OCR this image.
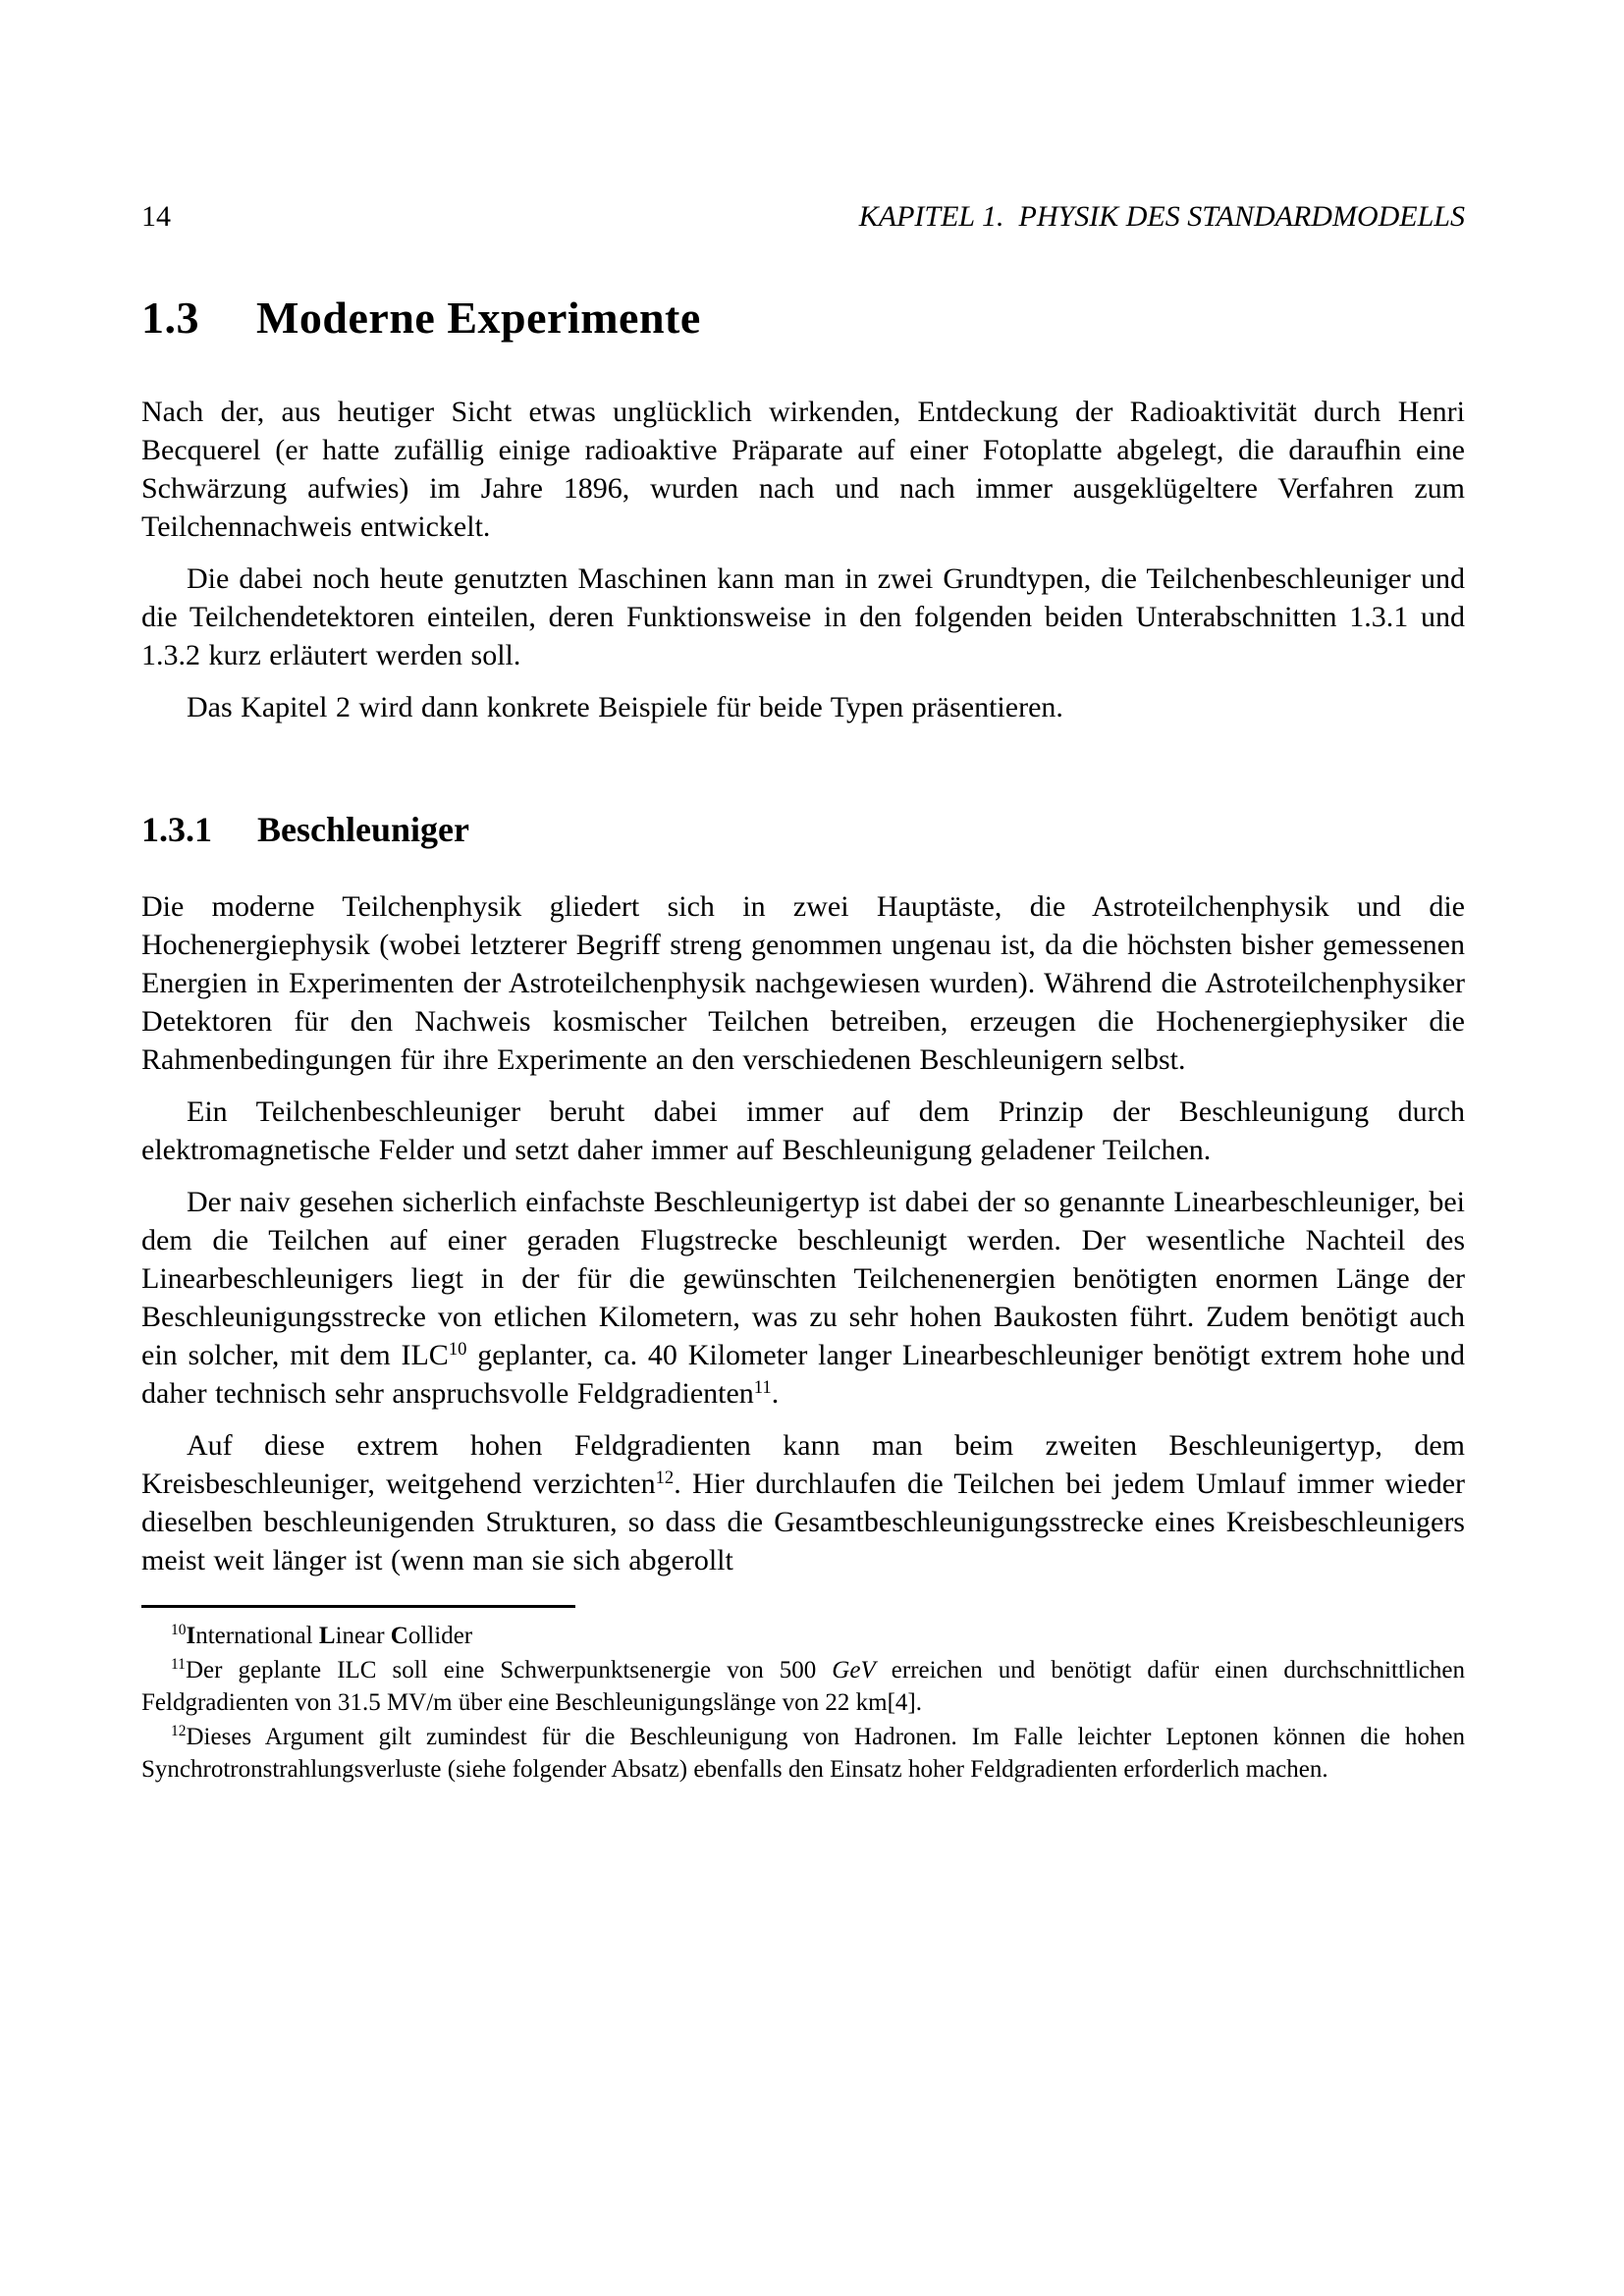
14	KAPITEL 1.  PHYSIK DES STANDARDMODELLS
1.3 Moderne Experimente

Nach der, aus heutiger Sicht etwas unglücklich wirkenden, Entdeckung der Radioaktivität durch Henri Becquerel (er hatte zufällig einige radioaktive Präparate auf einer Fotoplatte abgelegt, die daraufhin eine Schwärzung aufwies) im Jahre 1896, wurden nach und nach immer ausgeklügeltere Verfahren zum Teilchennachweis entwickelt.

Die dabei noch heute genutzten Maschinen kann man in zwei Grundtypen, die Teilchenbeschleuniger und die Teilchendetektoren einteilen, deren Funktionsweise in den folgenden beiden Unterabschnitten 1.3.1 und 1.3.2 kurz erläutert werden soll.

Das Kapitel 2 wird dann konkrete Beispiele für beide Typen präsentieren.

1.3.1 Beschleuniger

Die moderne Teilchenphysik gliedert sich in zwei Hauptäste, die Astroteilchenphysik und die Hochenergiephysik (wobei letzterer Begriff streng genommen ungenau ist, da die höchsten bisher gemessenen Energien in Experimenten der Astroteilchenphysik nachgewiesen wurden). Während die Astroteilchenphysiker Detektoren für den Nachweis kosmischer Teilchen betreiben, erzeugen die Hochenergiephysiker die Rahmenbedingungen für ihre Experimente an den verschiedenen Beschleunigern selbst.

Ein Teilchenbeschleuniger beruht dabei immer auf dem Prinzip der Beschleunigung durch elektromagnetische Felder und setzt daher immer auf Beschleunigung geladener Teilchen.

Der naiv gesehen sicherlich einfachste Beschleunigertyp ist dabei der so genannte Linearbeschleuniger, bei dem die Teilchen auf einer geraden Flugstrecke beschleunigt werden. Der wesentliche Nachteil des Linearbeschleunigers liegt in der für die gewünschten Teilchenenergien benötigten enormen Länge der Beschleunigungsstrecke von etlichen Kilometern, was zu sehr hohen Baukosten führt. Zudem benötigt auch ein solcher, mit dem ILC$^{10}$ geplanter, ca. 40 Kilometer langer Linearbeschleuniger benötigt extrem hohe und daher technisch sehr anspruchsvolle Feldgradienten$^{11}$.

Auf diese extrem hohen Feldgradienten kann man beim zweiten Beschleunigertyp, dem Kreisbeschleuniger, weitgehend verzichten$^{12}$. Hier durchlaufen die Teilchen bei jedem Umlauf immer wieder dieselben beschleunigenden Strukturen, so dass die Gesamtbeschleunigungsstrecke eines Kreisbeschleunigers meist weit länger ist (wenn man sie sich abgerollt

$^{10}$International Linear Collider

$^{11}$Der geplante ILC soll eine Schwerpunktsenergie von 500 GeV erreichen und benötigt dafür einen durchschnittlichen Feldgradienten von 31.5 MV/m über eine Beschleunigungslänge von 22 km[4].

$^{12}$Dieses Argument gilt zumindest für die Beschleunigung von Hadronen. Im Falle leichter Leptonen können die hohen Synchrotronstrahlungsverluste (siehe folgender Absatz) ebenfalls den Einsatz hoher Feldgradienten erforderlich machen.
